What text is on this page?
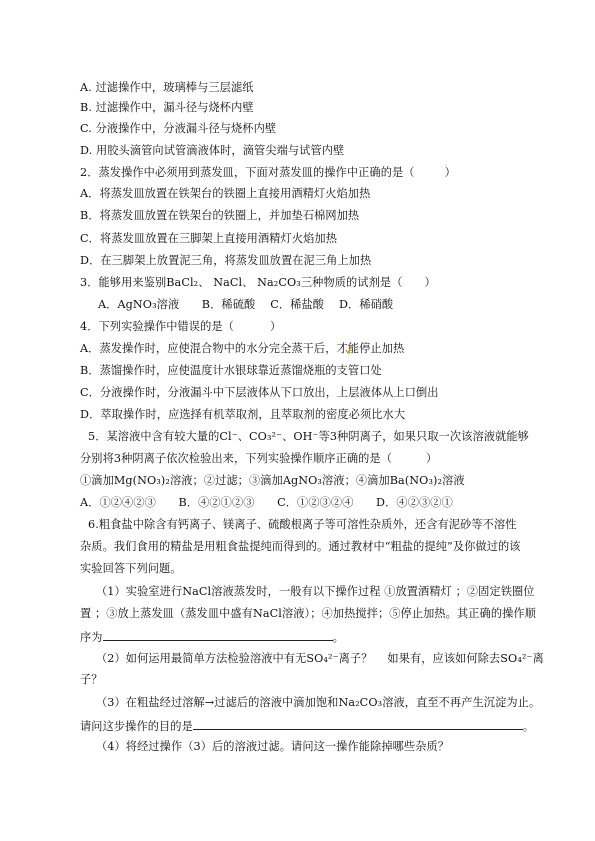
A. 过滤操作中，玻璃棒与三层滤纸
B. 过滤操作中，漏斗径与烧杯内壁
C. 分液操作中，分液漏斗径与烧杯内壁
D. 用胶头滴管向试管滴液体时，滴管尖端与试管内壁
2．蒸发操作中必须用到蒸发皿，下面对蒸发皿的操作中正确的是（	）
A．将蒸发皿放置在铁架台的铁圈上直接用酒精灯火焰加热
B．将蒸发皿放置在铁架台的铁圈上，并加垫石棉网加热
C．将蒸发皿放置在三脚架上直接用酒精灯火焰加热
D．在三脚架上放置泥三角，将蒸发皿放置在泥三角上加热
3．能够用来鉴别BaCl₂、 NaCl、 Na₂CO₃三种物质的试剂是（ ）
A．AgNO₃溶液　　B．稀硫酸　 C．稀盐酸　 D．稀硝酸
4．下列实验操作中错误的是（	）
A．蒸发操作时，应使混合物中的水分完全蒸干后，才能停止加热
B．蒸馏操作时，应使温度计水银球靠近蒸馏烧瓶的支管口处
C．分液操作时，分液漏斗中下层液体从下口放出，上层液体从上口倒出
D．萃取操作时，应选择有机萃取剂，且萃取剂的密度必须比水大
5．某溶液中含有较大量的Cl⁻、CO₃²⁻、OH⁻等3种阴离子，如果只取一次该溶液就能够
分别将3种阴离子依次检验出来，下列实验操作顺序正确的是（	）
①滴加Mg(NO₃)₂溶液；②过滤；③滴加AgNO₃溶液；④滴加Ba(NO₃)₂溶液
A．①②④②③　　B．④②①②③　　C．①②③②④　　D．④②③②①
6.粗食盐中除含有钙离子、镁离子、硫酸根离子等可溶性杂质外，还含有泥砂等不溶性
杂质。我们食用的精盐是用粗食盐提纯而得到的。通过教材中“粗盐的提纯”及你做过的该
实验回答下列问题。
（1）实验室进行NaCl溶液蒸发时，一般有以下操作过程 ①放置酒精灯 ；②固定铁圈位
置 ；③放上蒸发皿（蒸发皿中盛有NaCl溶液）；④加热搅拌；⑤停止加热。其正确的操作顺
序为	。
（2）如何运用最简单方法检验溶液中有无SO₄²⁻离子？　 如果有，应该如何除去SO₄²⁻离
子？
（3）在粗盐经过溶解→过滤后的溶液中滴加饱和Na₂CO₃溶液，直至不再产生沉淀为止。
请问这步操作的目的是	。
（4）将经过操作（3）后的溶液过滤。请问这一操作能除掉哪些杂质？
